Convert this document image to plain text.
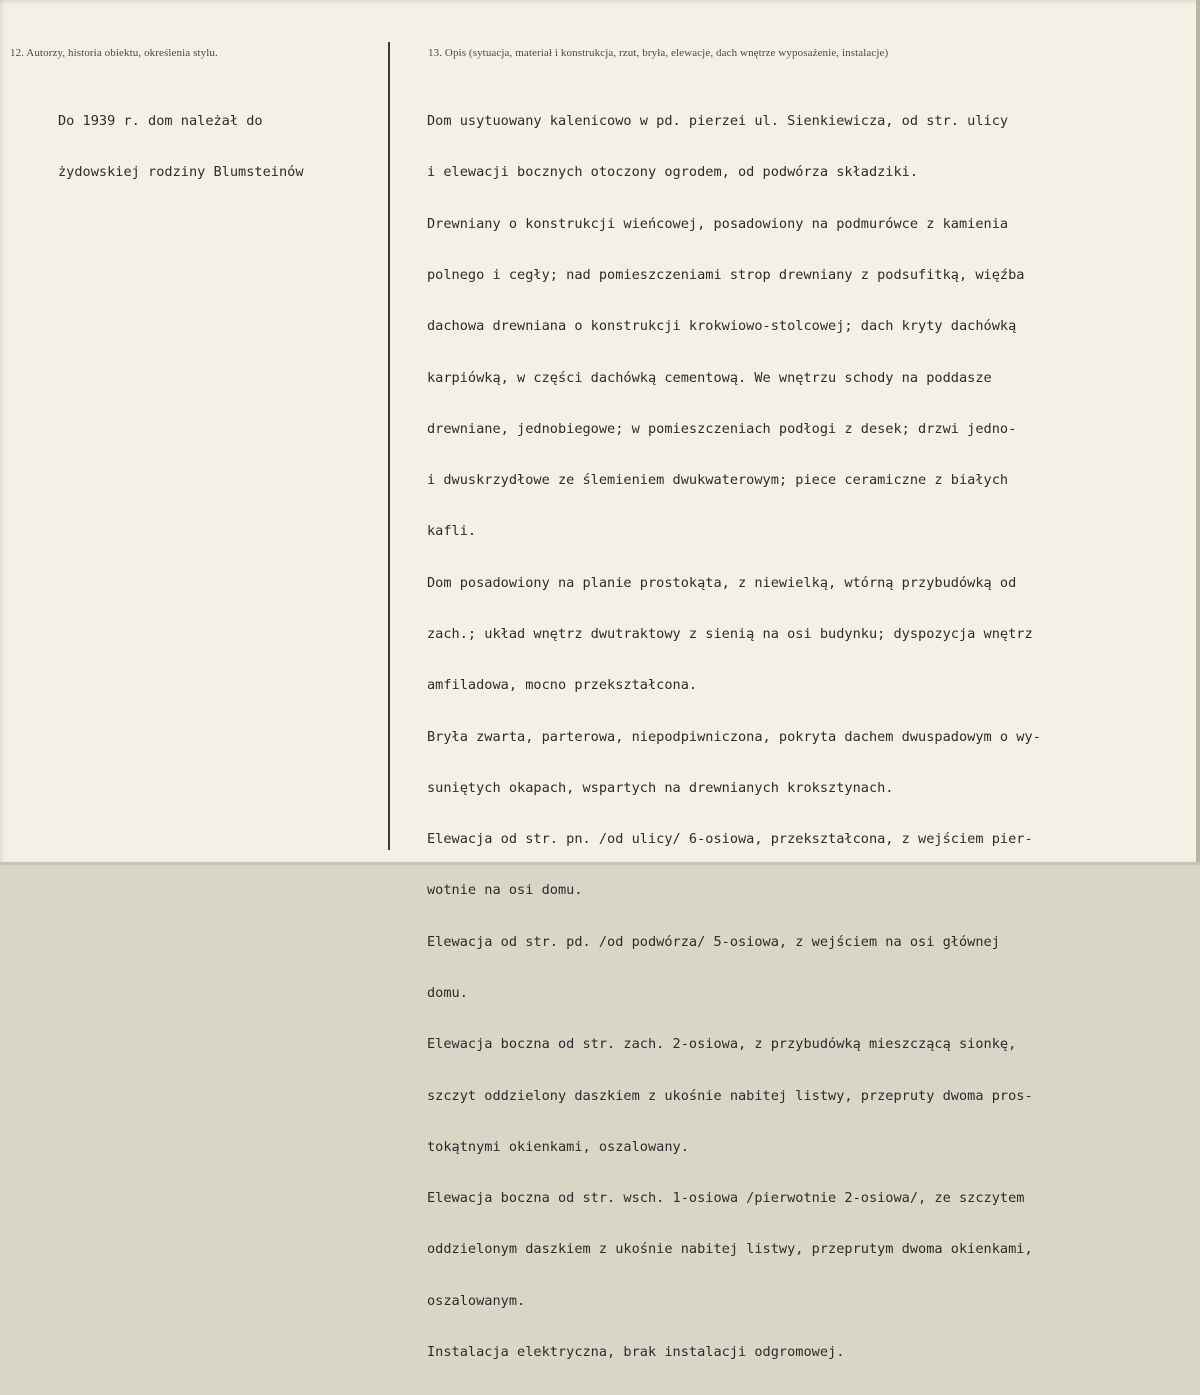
12. Autorzy, historia obiektu, określenia stylu.	13. Opis (sytuacja, materiał i konstrukcja, rzut, bryła, elewacje, dach wnętrze wyposażenie, instalacje)

Do 1939 r. dom należał do

żydowskiej rodziny Blumsteinów

Dom usytuowany kalenicowo w pd. pierzei ul. Sienkiewicza, od str. ulicy

i elewacji bocznych otoczony ogrodem, od podwórza składziki.

Drewniany o konstrukcji wieńcowej, posadowiony na podmurówce z kamienia

polnego i cegły; nad pomieszczeniami strop drewniany z podsufitką, więźba

dachowa drewniana o konstrukcji krokwiowo-stolcowej; dach kryty dachówką

karpiówką, w części dachówką cementową. We wnętrzu schody na poddasze

drewniane, jednobiegowe; w pomieszczeniach podłogi z desek; drzwi jedno-

i dwuskrzydłowe ze ślemieniem dwukwaterowym; piece ceramiczne z białych

kafli.

Dom posadowiony na planie prostokąta, z niewielką, wtórną przybudówką od

zach.; układ wnętrz dwutraktowy z sienią na osi budynku; dyspozycja wnętrz

amfiladowa, mocno przekształcona.

Bryła zwarta, parterowa, niepodpiwniczona, pokryta dachem dwuspadowym o wy-

suniętych okapach, wspartych na drewnianych kroksztynach.

Elewacja od str. pn. /od ulicy/ 6-osiowa, przekształcona, z wejściem pier-

wotnie na osi domu.

Elewacja od str. pd. /od podwórza/ 5-osiowa, z wejściem na osi głównej

domu.

Elewacja boczna od str. zach. 2-osiowa, z przybudówką mieszczącą sionkę,

szczyt oddzielony daszkiem z ukośnie nabitej listwy, przepruty dwoma pros-

tokątnymi okienkami, oszalowany.

Elewacja boczna od str. wsch. 1-osiowa /pierwotnie 2-osiowa/, ze szczytem

oddzielonym daszkiem z ukośnie nabitej listwy, przeprutym dwoma okienkami,

oszalowanym.

Instalacja elektryczna, brak instalacji odgromowej.
